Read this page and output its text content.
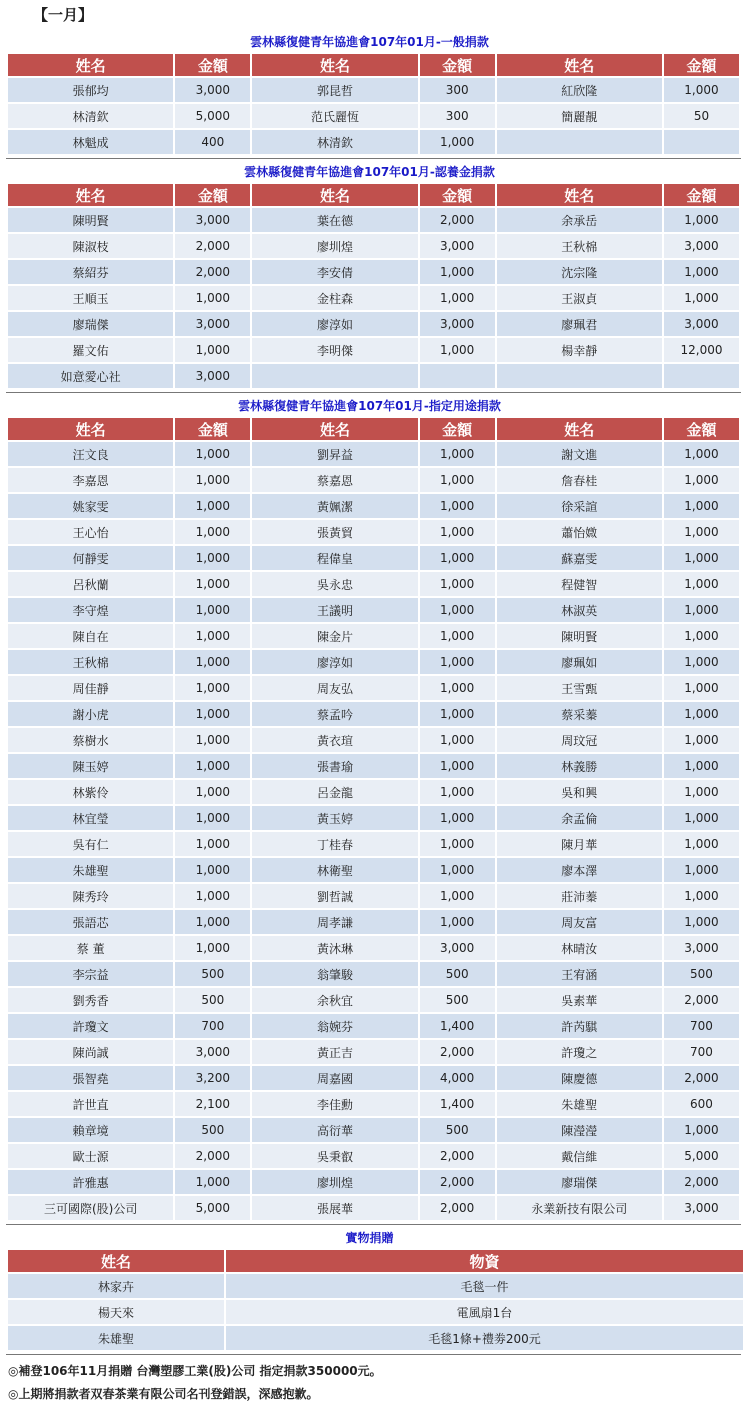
【一月】
雲林縣復健青年協進會107年01月-一般捐款
姓名	金額	姓名	金額	姓名	金額
張郁均	3,000	郭昆哲	300	紅欣隆	1,000
林清欽	5,000	范氏麗恆	300	簡麗靚	50
林魁成	400	林清欽	1,000		
雲林縣復健青年協進會107年01月-認養金捐款
姓名	金額	姓名	金額	姓名	金額
陳明賢	3,000	葉在德	2,000	余承岳	1,000
陳淑枝	2,000	廖圳煌	3,000	王秋棉	3,000
蔡紹芬	2,000	李安倩	1,000	沈宗隆	1,000
王順玉	1,000	金柱森	1,000	王淑貞	1,000
廖瑞傑	3,000	廖淳如	3,000	廖珮君	3,000
羅文佑	1,000	李明傑	1,000	楊幸靜	12,000
如意愛心社	3,000				
雲林縣復健青年協進會107年01月-指定用途捐款
姓名	金額	姓名	金額	姓名	金額
汪文良	1,000	劉昇益	1,000	謝文進	1,000
李嘉恩	1,000	蔡嘉恩	1,000	詹春桂	1,000
姚家雯	1,000	黃姵潔	1,000	徐采諠	1,000
王心怡	1,000	張黃貿	1,000	蕭怡媺	1,000
何靜雯	1,000	程偉皇	1,000	蘇嘉雯	1,000
呂秋蘭	1,000	吳永忠	1,000	程健智	1,000
李守煌	1,000	王議明	1,000	林淑英	1,000
陳自在	1,000	陳金片	1,000	陳明賢	1,000
王秋棉	1,000	廖淳如	1,000	廖珮如	1,000
周佳靜	1,000	周友弘	1,000	王雪甄	1,000
謝小虎	1,000	蔡孟吟	1,000	蔡采蓁	1,000
蔡樹水	1,000	黃衣瑄	1,000	周玟冠	1,000
陳玉婷	1,000	張書瑜	1,000	林義勝	1,000
林紫伶	1,000	呂金龍	1,000	吳和興	1,000
林宜瑩	1,000	黃玉婷	1,000	余孟倫	1,000
吳有仁	1,000	丁桂春	1,000	陳月華	1,000
朱雄聖	1,000	林衛聖	1,000	廖本澤	1,000
陳秀玲	1,000	劉哲誠	1,000	莊沛蓁	1,000
張語芯	1,000	周孝謙	1,000	周友富	1,000
蔡 董	1,000	黃沐琳	3,000	林晴汝	3,000
李宗益	500	翁肇駿	500	王宥涵	500
劉秀香	500	余秋宜	500	吳素華	2,000
許瓊文	700	翁婉芬	1,400	許芮騏	700
陳尚誠	3,000	黃正吉	2,000	許瓊之	700
張智堯	3,200	周嘉國	4,000	陳慶德	2,000
許世直	2,100	李佳勳	1,400	朱雄聖	600
賴章境	500	高衍華	500	陳瀅瀅	1,000
歐士源	2,000	吳秉叡	2,000	戴信維	5,000
許雅惠	1,000	廖圳煌	2,000	廖瑞傑	2,000
三可國際(股)公司	5,000	張展華	2,000	永業新技有限公司	3,000
實物捐贈
姓名	物資
林家卉	毛毯一件
楊天來	電風扇1台
朱雄聖	毛毯1條+禮劵200元
◎補登106年11月捐贈 台灣塑膠工業(股)公司 指定捐款350000元。
◎上期將捐款者双春茶業有限公司名刊登錯誤，深感抱歉。
